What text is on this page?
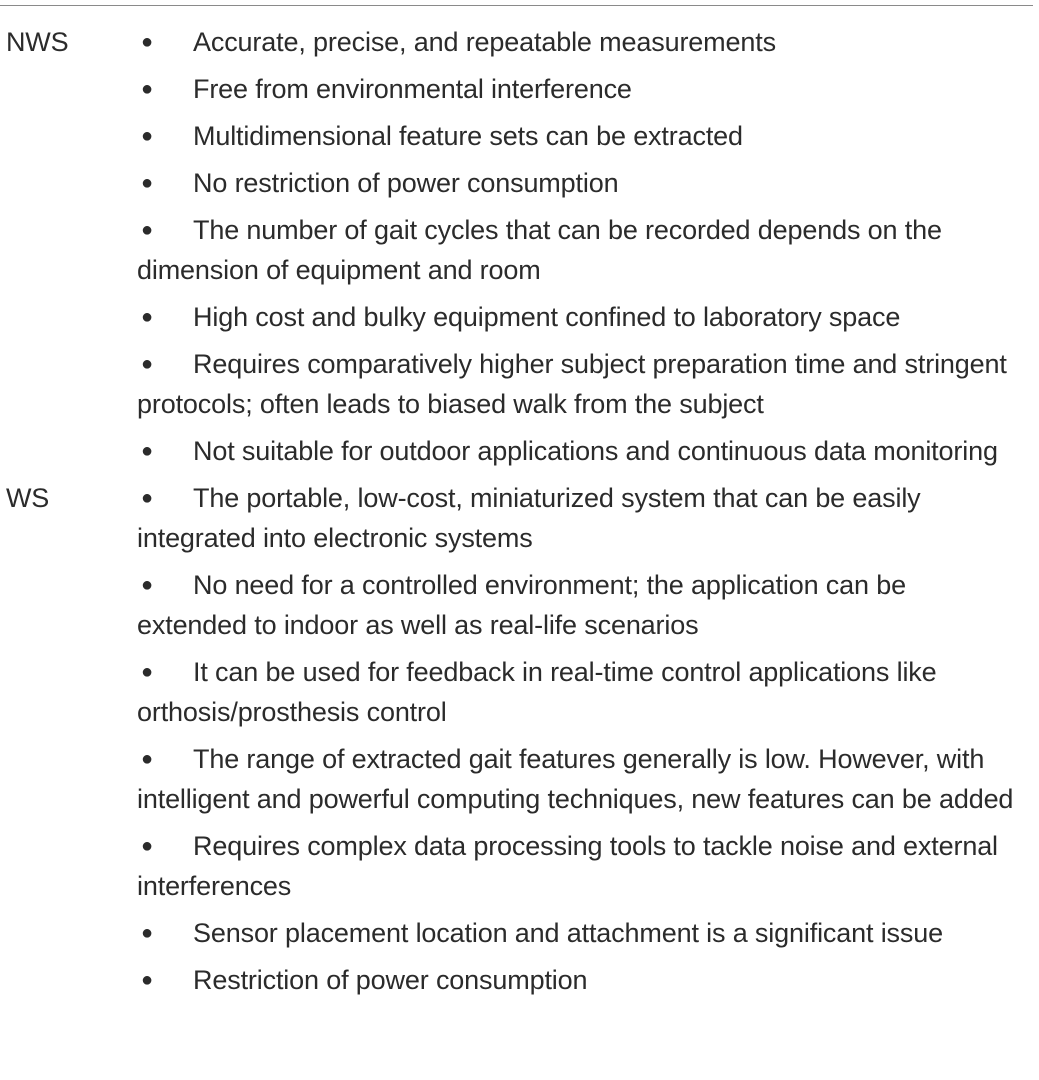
NWS	● Accurate, precise, and repeatable measurements
● Free from environmental interference
● Multidimensional feature sets can be extracted
● No restriction of power consumption
● The number of gait cycles that can be recorded depends on the dimension of equipment and room
● High cost and bulky equipment confined to laboratory space
● Requires comparatively higher subject preparation time and stringent protocols; often leads to biased walk from the subject
● Not suitable for outdoor applications and continuous data monitoring
WS	● The portable, low-cost, miniaturized system that can be easily integrated into electronic systems
● No need for a controlled environment; the application can be extended to indoor as well as real-life scenarios
● It can be used for feedback in real-time control applications like orthosis/prosthesis control
● The range of extracted gait features generally is low. However, with intelligent and powerful computing techniques, new features can be added
● Requires complex data processing tools to tackle noise and external interferences
● Sensor placement location and attachment is a significant issue
● Restriction of power consumption
